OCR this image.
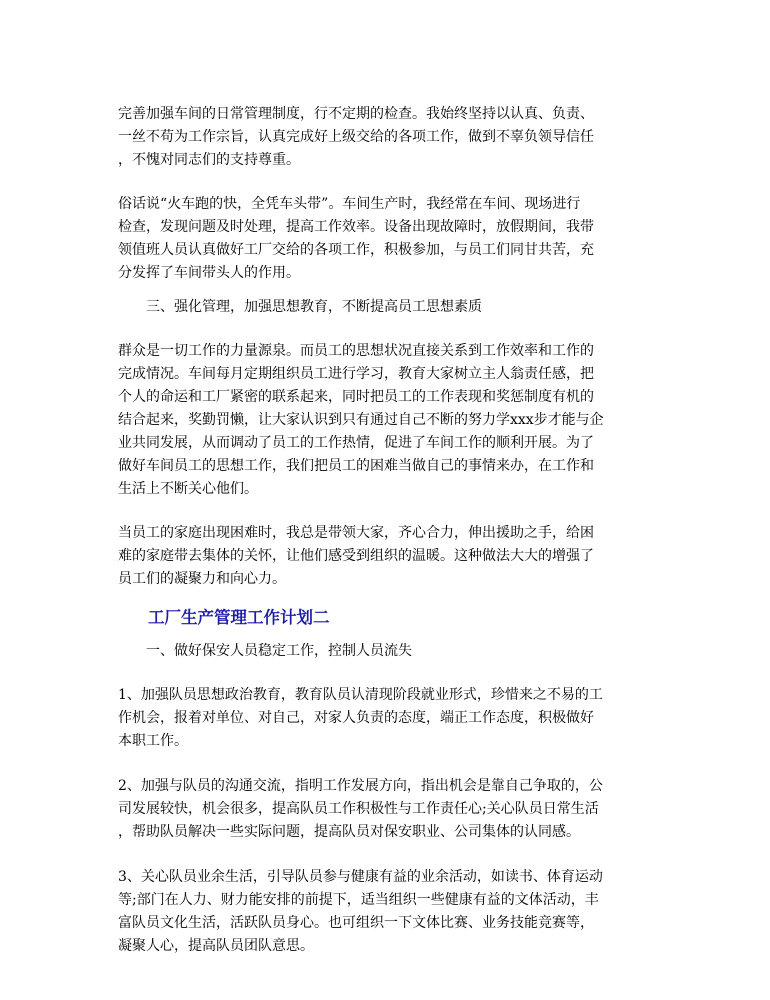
完善加强车间的日常管理制度，行不定期的检查。我始终坚持以认真、负责、
一丝不苟为工作宗旨，认真完成好上级交给的各项工作，做到不辜负领导信任
，不愧对同志们的支持尊重。

俗话说“火车跑的快，全凭车头带”。车间生产时，我经常在车间、现场进行
检查，发现问题及时处理，提高工作效率。设备出现故障时，放假期间，我带
领值班人员认真做好工厂交给的各项工作，积极参加，与员工们同甘共苦，充
分发挥了车间带头人的作用。

三、强化管理，加强思想教育，不断提高员工思想素质

群众是一切工作的力量源泉。而员工的思想状况直接关系到工作效率和工作的
完成情况。车间每月定期组织员工进行学习，教育大家树立主人翁责任感，把
个人的命运和工厂紧密的联系起来，同时把员工的工作表现和奖惩制度有机的
结合起来，奖勤罚懒，让大家认识到只有通过自己不断的努力学xxx步才能与企
业共同发展，从而调动了员工的工作热情，促进了车间工作的顺利开展。为了
做好车间员工的思想工作，我们把员工的困难当做自己的事情来办，在工作和
生活上不断关心他们。

当员工的家庭出现困难时，我总是带领大家，齐心合力，伸出援助之手，给困
难的家庭带去集体的关怀，让他们感受到组织的温暖。这种做法大大的增强了
员工们的凝聚力和向心力。

工厂生产管理工作计划二

一、做好保安人员稳定工作，控制人员流失

1、加强队员思想政治教育，教育队员认清现阶段就业形式，珍惜来之不易的工
作机会，报着对单位、对自己，对家人负责的态度，端正工作态度，积极做好
本职工作。

2、加强与队员的沟通交流，指明工作发展方向，指出机会是靠自己争取的，公
司发展较快，机会很多，提高队员工作积极性与工作责任心;关心队员日常生活
，帮助队员解决一些实际问题，提高队员对保安职业、公司集体的认同感。

3、关心队员业余生活，引导队员参与健康有益的业余活动，如读书、体育运动
等;部门在人力、财力能安排的前提下，适当组织一些健康有益的文体活动，丰
富队员文化生活，活跃队员身心。也可组织一下文体比赛、业务技能竞赛等，
凝聚人心，提高队员团队意思。
